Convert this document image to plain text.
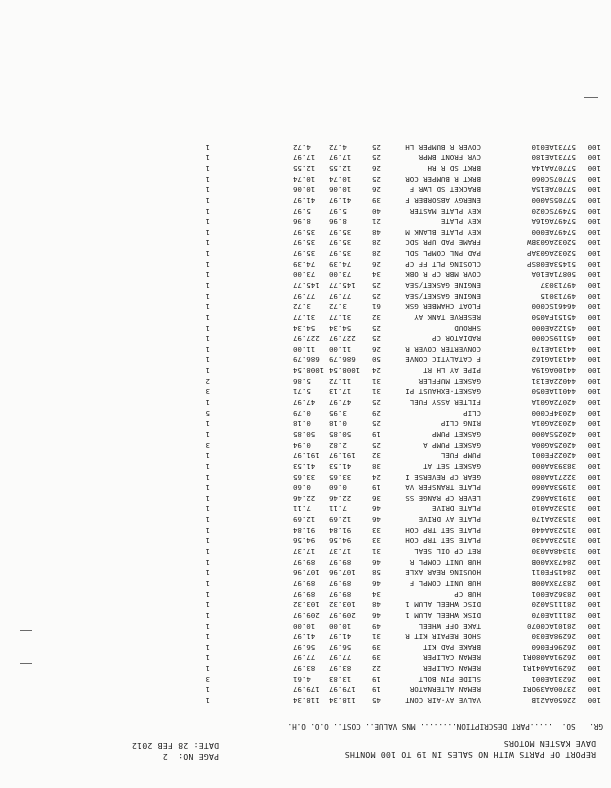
REPORT OF PARTS WITH NO SALES IN 19 TO 100 MONTHS
DAVE KASTEN MOTORS
PAGE NO:  2
DATE: 28 FEB 2012
GR.   SO.  .....PART DESCRIPTION........ MNS VALUE.. COST.. O.O. O.H.
100
22650AA21B
VALVE AY-AIR CONT
45
118.34
118.34
1
100
23700AA39ORI
REMAN ALTERNATOR
19
179.97
179.97
1
100
26231AE001
SLIDE PIN BOLT
19
13.83
4.61
3
100
26291AA041R1
REMAN CALIPER
22
83.97
83.97
1
100
26291AA080R1
REMAN CALIPER
39
77.97
77.97
1
100
26296FE060
BRAKE PAD KIT
39
56.97
56.97
1
100
26298AE030
SHOE REPAIR KIT R
31
41.97
41.97
1
100
28101AC0070
TAKE OFF WHEEL
49
10.00
10.00
1
100
28111AE070
DISK WHEEL ALUM 1
46
209.97
209.97
1
100
28111SA020
DISC WHEEL ALUM 1
48
103.32
103.32
1
100
28362AE001
HUB CP
34
89.97
89.97
1
100
28373XA00B
HUB UNIT COMPL F
46
89.97
89.97
1
100
28415FE011
HOUSING REAR AXLE
58
107.96
107.96
1
100
28473XA00B
HUB UNIT COMPL R
46
89.97
89.97
1
100
31348AA030
RET CP OIL SEAL
31
17.37
17.37
1
100
31523AA430
PLATE SET TRP COH
33
94.56
94.56
1
100
31523AA440
PLATE SET TRP COH
33
91.84
91.84
1
100
31532AA170
PLATE AY DRIVE
46
12.69
12.69
1
100
31532AA010
PLATE DRIVE
46
7.11
7.11
1
100
31913AA062
LEVER CP RANGE SS
36
22.46
22.46
1
100
31953AA060
PLATE TRANSFER VA
19
0.60
0.60
1
100
32271AA080
GEAR CP REVERSE I
24
33.65
33.65
1
100
38393AA000
GASKET SET AT
38
41.53
41.53
1
100
42022FE001
PUMP FUEL
32
191.97
191.97
1
100
42025AG00A
GASKET PUMP A
25
2.82
0.94
3
100
42025SA000
GASKET PUMP
19
50.85
50.85
1
100
42032AG01A
RING CLIP
25
0.18
0.18
1
100
42034FC000
CLIP
29
3.95
0.79
5
100
42072AG01A
FILTER ASSY FUEL
25
47.97
47.97
1
100
44011AE050
GASKET-EXHAUST PI
31
17.13
5.71
3
100
44022AE131
GASKET MUFFLER
31
11.72
5.86
2
100
44100AG19A
PIPE AY LH RT
24
1008.54
1008.54
1
100
44131AG162
F CATALYTIC CONVE
50
686.79
686.79
1
100
44131AE170
CONVERTER COVER R
26
11.00
11.00
1
100
45119SC000
RADIATOR CP
25
227.97
227.97
1
100
45122AE000
SHROUD
25
54.34
54.34
1
100
45151FA050
RESERVE TANK AY
32
31.77
31.77
1
100
46461SC000
FLOAT CHAMBER GSK
61
3.72
3.72
1
100
49713015
ENGINE GASKET/SEA
25
77.97
77.97
1
100
49713037
ENGINE GASKET/SEA
25
145.77
145.77
1
100
50871AE10A
COVR MBR CP R OBK
34
73.00
73.00
1
100
51453AE08SP
CLOSING PLT FF CP
26
74.39
74.39
1
100
52032AG03AP
PAD PNL COMPL SDL
28
35.97
35.97
1
100
52032AG03BW
FRAME PAD UPR SDC
28
35.97
35.97
1
100
57497AE000
KEY PLATE BLANK M
48
35.97
35.97
1
100
57497AG16A
KEY PLATE
21
8.96
8.96
1
100
57497SC020
KEY PLATE MASTER
40
5.97
5.97
1
100
57705SA000
ENERGY ABSORBER F
39
41.97
41.97
1
100
57707AE15A
BRACKET SD LWR F
26
10.06
10.06
1
100
57707SC060
BRKT R BUMPER COR
25
10.74
10.74
1
100
57707AA14A
BRKT SD R RH
26
12.55
12.55
1
100
57731AE180
CVR FRONT BMPR
25
17.97
17.97
1
100
57731AE010
COVER R BUMPER LH
25
4.72
4.72
1
